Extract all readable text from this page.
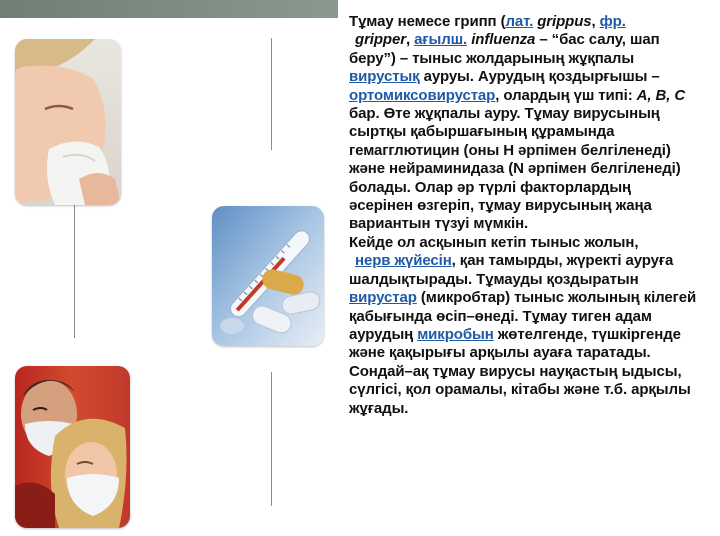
Тұмау немесе грипп (лат. grippus, фр.
gripper, ағылш. influenza – “бас салу, шап беру”) – тыныс жолдарының жұқпалы вирустық ауруы. Аурудың қоздырғышы – ортомиксовирустар, олардың үш типі: A, B, C бар. Өте жұқпалы ауру. Тұмау вирусының сыртқы қабыршағының құрамында гемагглютицин (оны H әрпімен белгіленеді) және нейраминидаза (N әрпімен белгіленеді) болады. Олар әр түрлі факторлардың әсерінен өзгеріп, тұмау вирусының жаңа вариантын түзуі мүмкін.

Кейде ол асқынып кетіп тыныс жолын,
нерв жүйесін, қан тамырды, жүректі ауруға шалдықтырады. Тұмауды қоздыратын вирустар (микробтар) тыныс жолының кілегей қабығында өсіп–өнеді. Тұмау тиген адам аурудың микробын жөтелгенде, түшкіргенде және қақырығы арқылы ауаға таратады. Сондай–ақ тұмау вирусы науқастың ыдысы, сүлгісі, қол орамалы, кітабы және т.б. арқылы жұғады.
